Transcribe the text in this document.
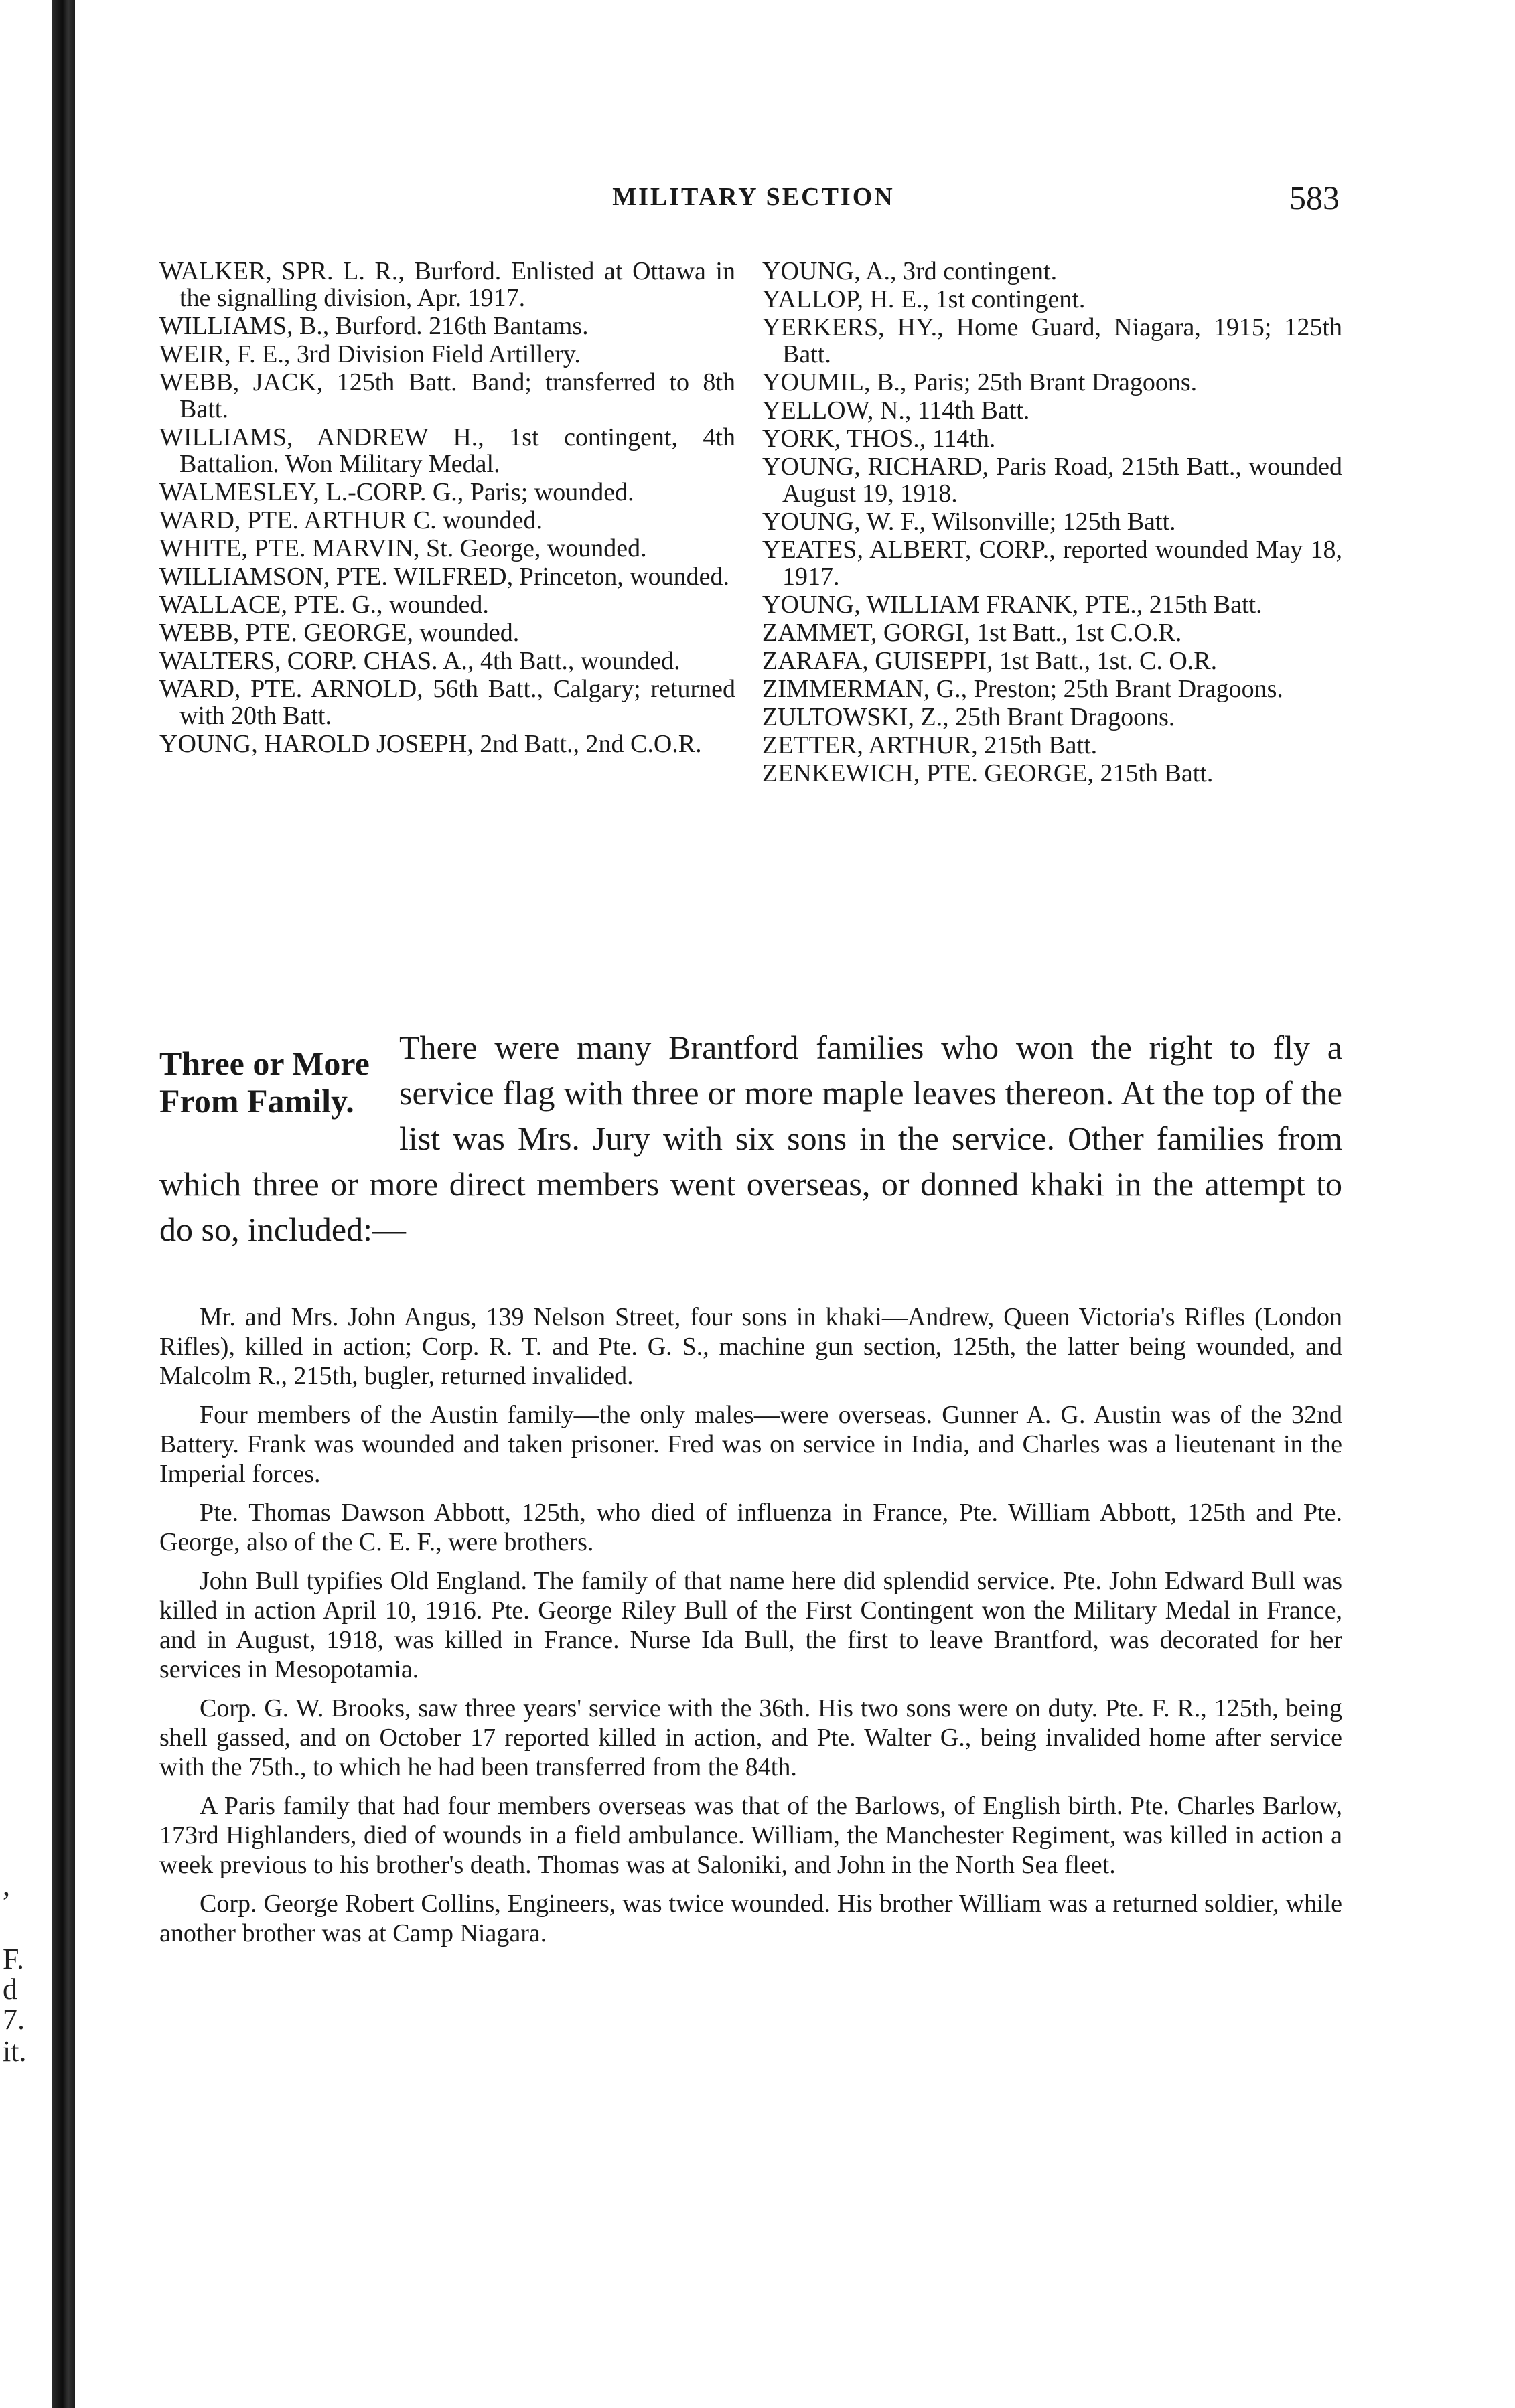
,
F.
d
7.
it.
MILITARY SECTION	583

WALKER, SPR. L. R., Burford. Enlisted at Ottawa in the signalling division, Apr. 1917.

WILLIAMS, B., Burford. 216th Bantams.

WEIR, F. E., 3rd Division Field Artillery.

WEBB, JACK, 125th Batt. Band; transferred to 8th Batt.

WILLIAMS, ANDREW H., 1st contingent, 4th Battalion. Won Military Medal.

WALMESLEY, L.-CORP. G., Paris; wounded.

WARD, PTE. ARTHUR C. wounded.

WHITE, PTE. MARVIN, St. George, wounded.

WILLIAMSON, PTE. WILFRED, Princeton, wounded.

WALLACE, PTE. G., wounded.

WEBB, PTE. GEORGE, wounded.

WALTERS, CORP. CHAS. A., 4th Batt., wounded.

WARD, PTE. ARNOLD, 56th Batt., Calgary; returned with 20th Batt.

YOUNG, HAROLD JOSEPH, 2nd Batt., 2nd C.O.R.

YOUNG, A., 3rd contingent.

YALLOP, H. E., 1st contingent.

YERKERS, HY., Home Guard, Niagara, 1915; 125th Batt.

YOUMIL, B., Paris; 25th Brant Dragoons.

YELLOW, N., 114th Batt.

YORK, THOS., 114th.

YOUNG, RICHARD, Paris Road, 215th Batt., wounded August 19, 1918.

YOUNG, W. F., Wilsonville; 125th Batt.

YEATES, ALBERT, CORP., reported wounded May 18, 1917.

YOUNG, WILLIAM FRANK, PTE., 215th Batt.

ZAMMET, GORGI, 1st Batt., 1st C.O.R.

ZARAFA, GUISEPPI, 1st Batt., 1st. C. O.R.

ZIMMERMAN, G., Preston; 25th Brant Dragoons.

ZULTOWSKI, Z., 25th Brant Dragoons.

ZETTER, ARTHUR, 215th Batt.

ZENKEWICH, PTE. GEORGE, 215th Batt.

Three or More From Family.

There were many Brantford families who won the right to fly a service flag with three or more maple leaves thereon. At the top of the list was Mrs. Jury with six sons in the service. Other families from which three or more direct members went overseas, or donned khaki in the attempt to do so, included:—

Mr. and Mrs. John Angus, 139 Nelson Street, four sons in khaki—Andrew, Queen Victoria's Rifles (London Rifles), killed in action; Corp. R. T. and Pte. G. S., machine gun section, 125th, the latter being wounded, and Malcolm R., 215th, bugler, returned invalided.

Four members of the Austin family—the only males—were overseas. Gunner A. G. Austin was of the 32nd Battery. Frank was wounded and taken prisoner. Fred was on service in India, and Charles was a lieutenant in the Imperial forces.

Pte. Thomas Dawson Abbott, 125th, who died of influenza in France, Pte. William Abbott, 125th and Pte. George, also of the C. E. F., were brothers.

John Bull typifies Old England. The family of that name here did splendid service. Pte. John Edward Bull was killed in action April 10, 1916. Pte. George Riley Bull of the First Contingent won the Military Medal in France, and in August, 1918, was killed in France. Nurse Ida Bull, the first to leave Brantford, was decorated for her services in Mesopotamia.

Corp. G. W. Brooks, saw three years' service with the 36th. His two sons were on duty. Pte. F. R., 125th, being shell gassed, and on October 17 reported killed in action, and Pte. Walter G., being invalided home after service with the 75th., to which he had been transferred from the 84th.

A Paris family that had four members overseas was that of the Barlows, of English birth. Pte. Charles Barlow, 173rd Highlanders, died of wounds in a field ambulance. William, the Manchester Regiment, was killed in action a week previous to his brother's death. Thomas was at Saloniki, and John in the North Sea fleet.

Corp. George Robert Collins, Engineers, was twice wounded. His brother William was a returned soldier, while another brother was at Camp Niagara.
